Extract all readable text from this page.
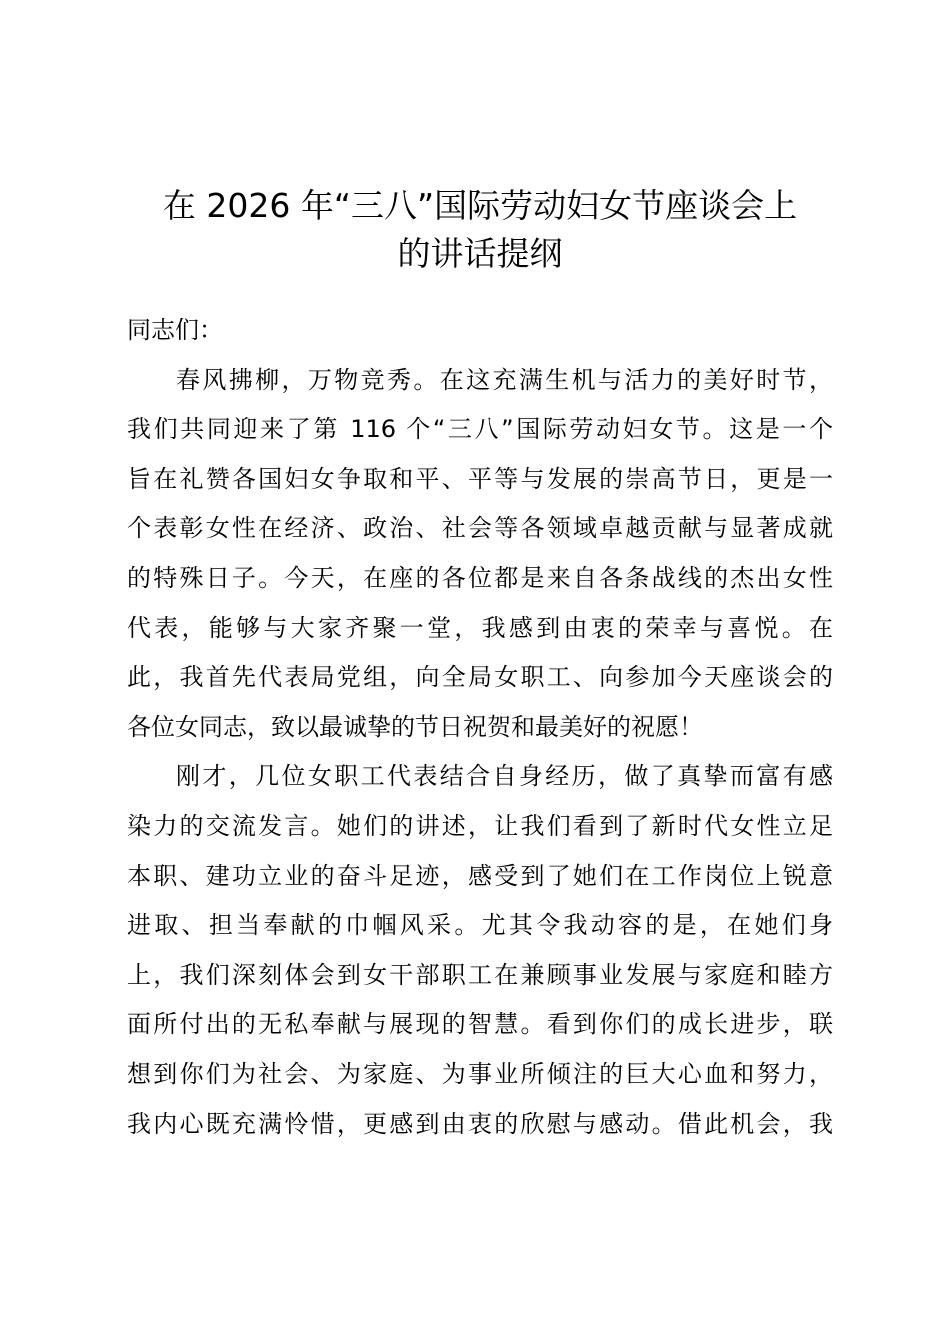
在 2026 年“三八”国际劳动妇女节座谈会上
的讲话提纲
同志们：
春风拂柳，万物竞秀。在这充满生机与活力的美好时节，
我们共同迎来了第 116 个“三八”国际劳动妇女节。这是一个
旨在礼赞各国妇女争取和平、平等与发展的崇高节日，更是一
个表彰女性在经济、政治、社会等各领域卓越贡献与显著成就
的特殊日子。今天，在座的各位都是来自各条战线的杰出女性
代表，能够与大家齐聚一堂，我感到由衷的荣幸与喜悦。在
此，我首先代表局党组，向全局女职工、向参加今天座谈会的
各位女同志，致以最诚挚的节日祝贺和最美好的祝愿！
刚才，几位女职工代表结合自身经历，做了真挚而富有感
染力的交流发言。她们的讲述，让我们看到了新时代女性立足
本职、建功立业的奋斗足迹，感受到了她们在工作岗位上锐意
进取、担当奉献的巾帼风采。尤其令我动容的是，在她们身
上，我们深刻体会到女干部职工在兼顾事业发展与家庭和睦方
面所付出的无私奉献与展现的智慧。看到你们的成长进步，联
想到你们为社会、为家庭、为事业所倾注的巨大心血和努力，
我内心既充满怜惜，更感到由衷的欣慰与感动。借此机会，我
